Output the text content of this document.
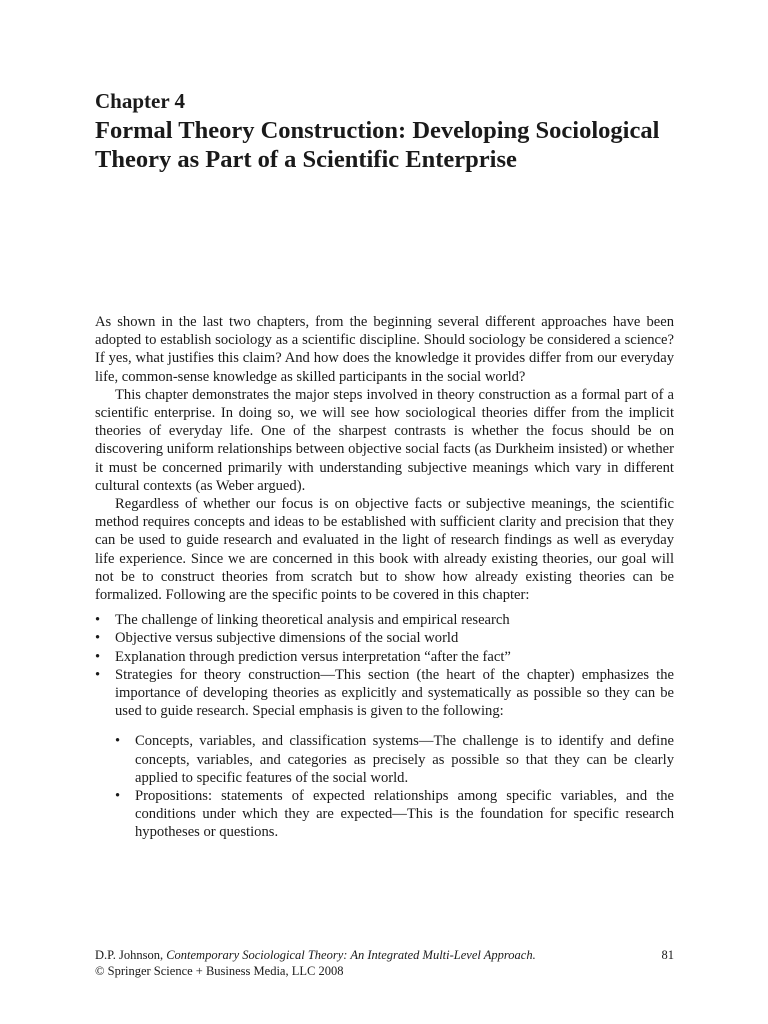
Chapter 4
Formal Theory Construction: Developing Sociological Theory as Part of a Scientific Enterprise

As shown in the last two chapters, from the beginning several different approaches have been adopted to establish sociology as a scientific discipline. Should sociology be considered a science? If yes, what justifies this claim? And how does the knowledge it provides differ from our everyday life, common-sense knowledge as skilled participants in the social world?

This chapter demonstrates the major steps involved in theory construction as a formal part of a scientific enterprise. In doing so, we will see how sociological theories differ from the implicit theories of everyday life. One of the sharpest contrasts is whether the focus should be on discovering uniform relationships between objective social facts (as Durkheim insisted) or whether it must be concerned primarily with understanding subjective meanings which vary in different cultural contexts (as Weber argued).

Regardless of whether our focus is on objective facts or subjective meanings, the scientific method requires concepts and ideas to be established with sufficient clarity and precision that they can be used to guide research and evaluated in the light of research findings as well as everyday life experience. Since we are concerned in this book with already existing theories, our goal will not be to construct theories from scratch but to show how already existing theories can be formalized. Following are the specific points to be covered in this chapter:

• The challenge of linking theoretical analysis and empirical research
• Objective versus subjective dimensions of the social world
• Explanation through prediction versus interpretation “after the fact”
• Strategies for theory construction—This section (the heart of the chapter) emphasizes the importance of developing theories as explicitly and systematically as possible so they can be used to guide research. Special emphasis is given to the following:
• Concepts, variables, and classification systems—The challenge is to identify and define concepts, variables, and categories as precisely as possible so that they can be clearly applied to specific features of the social world.
• Propositions: statements of expected relationships among specific variables, and the conditions under which they are expected—This is the foundation for specific research hypotheses or questions.
D.P. Johnson, Contemporary Sociological Theory: An Integrated Multi-Level Approach.	81
© Springer Science + Business Media, LLC 2008
